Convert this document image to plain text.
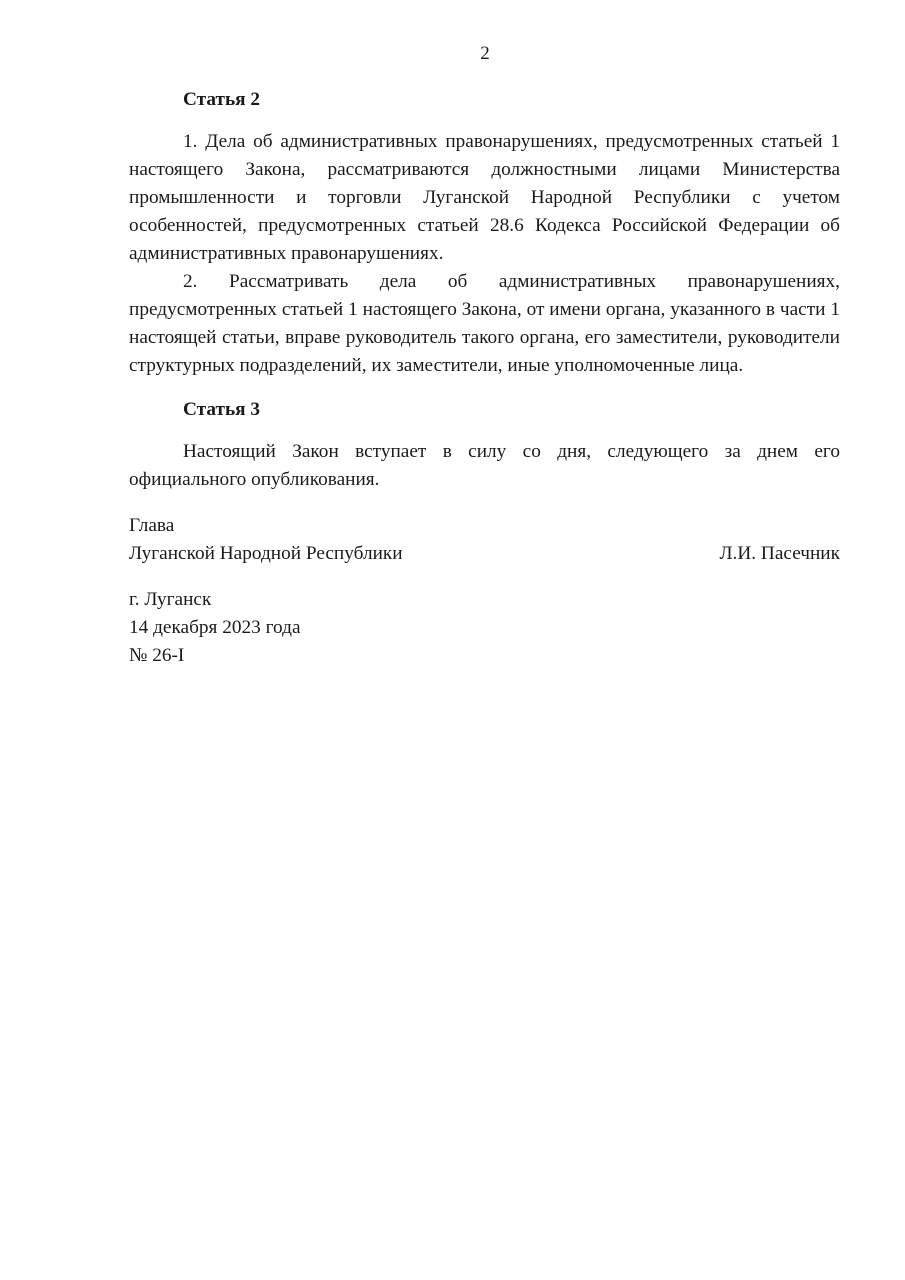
2

Статья 2

1. Дела об административных правонарушениях, предусмотренных статьей 1 настоящего Закона, рассматриваются должностными лицами Министерства промышленности и торговли Луганской Народной Республики с учетом особенностей, предусмотренных статьей 28.6 Кодекса Российской Федерации об административных правонарушениях.

2. Рассматривать дела об административных правонарушениях, предусмотренных статьей 1 настоящего Закона, от имени органа, указанного в части 1 настоящей статьи, вправе руководитель такого органа, его заместители, руководители структурных подразделений, их заместители, иные уполномоченные лица.

Статья 3

Настоящий Закон вступает в силу со дня, следующего за днем его официального опубликования.

Глава

Луганской Народной Республики	Л.И. Пасечник

г. Луганск

14 декабря 2023 года

№ 26-I
